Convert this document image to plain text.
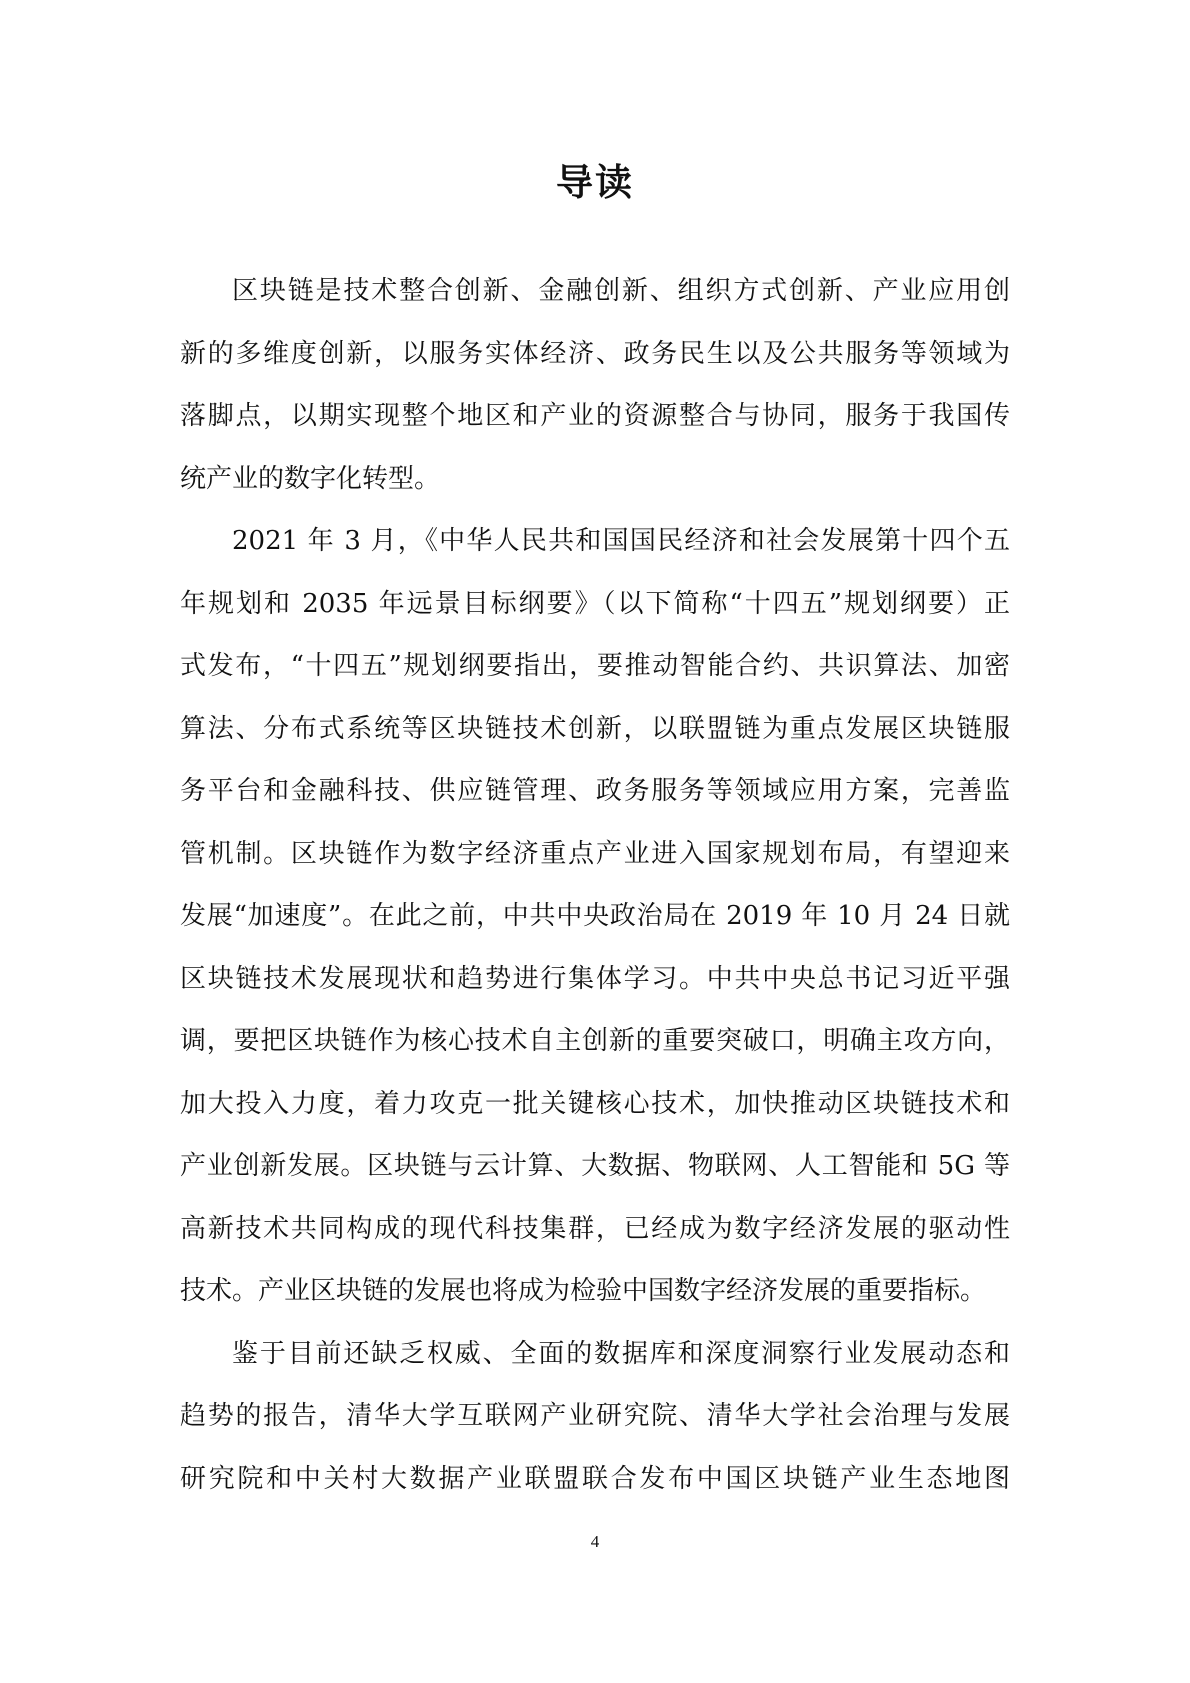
导读
区块链是技术整合创新、金融创新、组织方式创新、产业应用创
新的多维度创新，以服务实体经济、政务民生以及公共服务等领域为
落脚点，以期实现整个地区和产业的资源整合与协同，服务于我国传
统产业的数字化转型。
2021 年 3 月，《中华人民共和国国民经济和社会发展第十四个五
年规划和 2035 年远景目标纲要》（以下简称“十四五”规划纲要）正
式发布，“十四五”规划纲要指出，要推动智能合约、共识算法、加密
算法、分布式系统等区块链技术创新，以联盟链为重点发展区块链服
务平台和金融科技、供应链管理、政务服务等领域应用方案，完善监
管机制。区块链作为数字经济重点产业进入国家规划布局，有望迎来
发展“加速度”。在此之前，中共中央政治局在 2019 年 10 月 24 日就
区块链技术发展现状和趋势进行集体学习。中共中央总书记习近平强
调，要把区块链作为核心技术自主创新的重要突破口，明确主攻方向，
加大投入力度，着力攻克一批关键核心技术，加快推动区块链技术和
产业创新发展。区块链与云计算、大数据、物联网、人工智能和 5G 等
高新技术共同构成的现代科技集群，已经成为数字经济发展的驱动性
技术。产业区块链的发展也将成为检验中国数字经济发展的重要指标。
鉴于目前还缺乏权威、全面的数据库和深度洞察行业发展动态和
趋势的报告，清华大学互联网产业研究院、清华大学社会治理与发展
研究院和中关村大数据产业联盟联合发布中国区块链产业生态地图

4
